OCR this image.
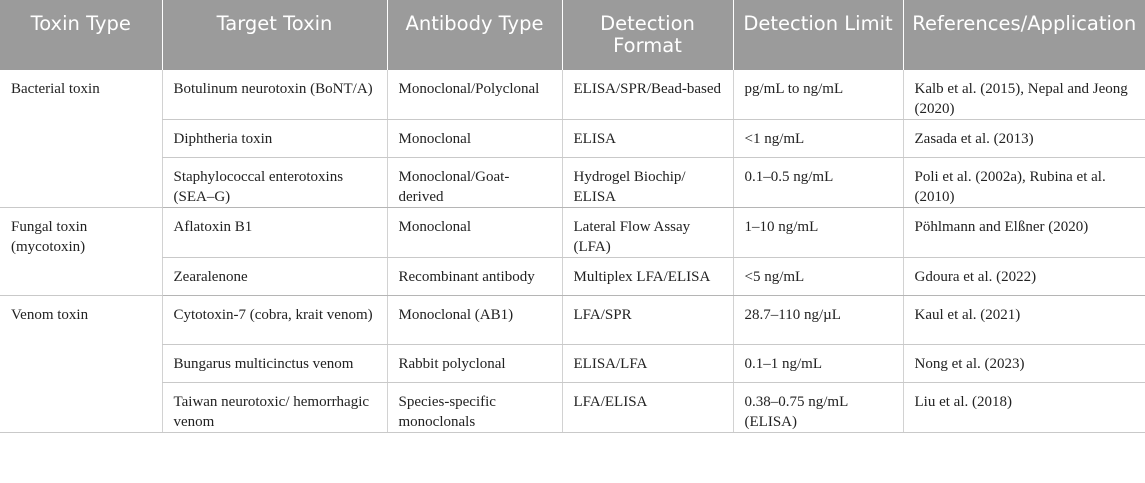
Toxin Type	Target Toxin	Antibody Type	Detection Format	Detection Limit	References/Application
Bacterial toxin	Botulinum neurotoxin (BoNT/A)	Monoclonal/Polyclonal	ELISA/SPR/Bead-based	pg/mL to ng/mL	Kalb et al. (2015), Nepal and Jeong (2020)
	Diphtheria toxin	Monoclonal	ELISA	<1 ng/mL	Zasada et al. (2013)
	Staphylococcal enterotoxins (SEA–G)	Monoclonal/Goat-derived	Hydrogel Biochip/ ELISA	0.1–0.5 ng/mL	Poli et al. (2002a), Rubina et al. (2010)
Fungal toxin (mycotoxin)	Aflatoxin B1	Monoclonal	Lateral Flow Assay (LFA)	1–10 ng/mL	Pöhlmann and Elßner (2020)
	Zearalenone	Recombinant antibody	Multiplex LFA/ELISA	<5 ng/mL	Gdoura et al. (2022)
Venom toxin	Cytotoxin-7 (cobra, krait venom)	Monoclonal (AB1)	LFA/SPR	28.7–110 ng/µL	Kaul et al. (2021)
	Bungarus multicinctus venom	Rabbit polyclonal	ELISA/LFA	0.1–1 ng/mL	Nong et al. (2023)
	Taiwan neurotoxic/ hemorrhagic venom	Species-specific monoclonals	LFA/ELISA	0.38–0.75 ng/mL (ELISA)	Liu et al. (2018)
